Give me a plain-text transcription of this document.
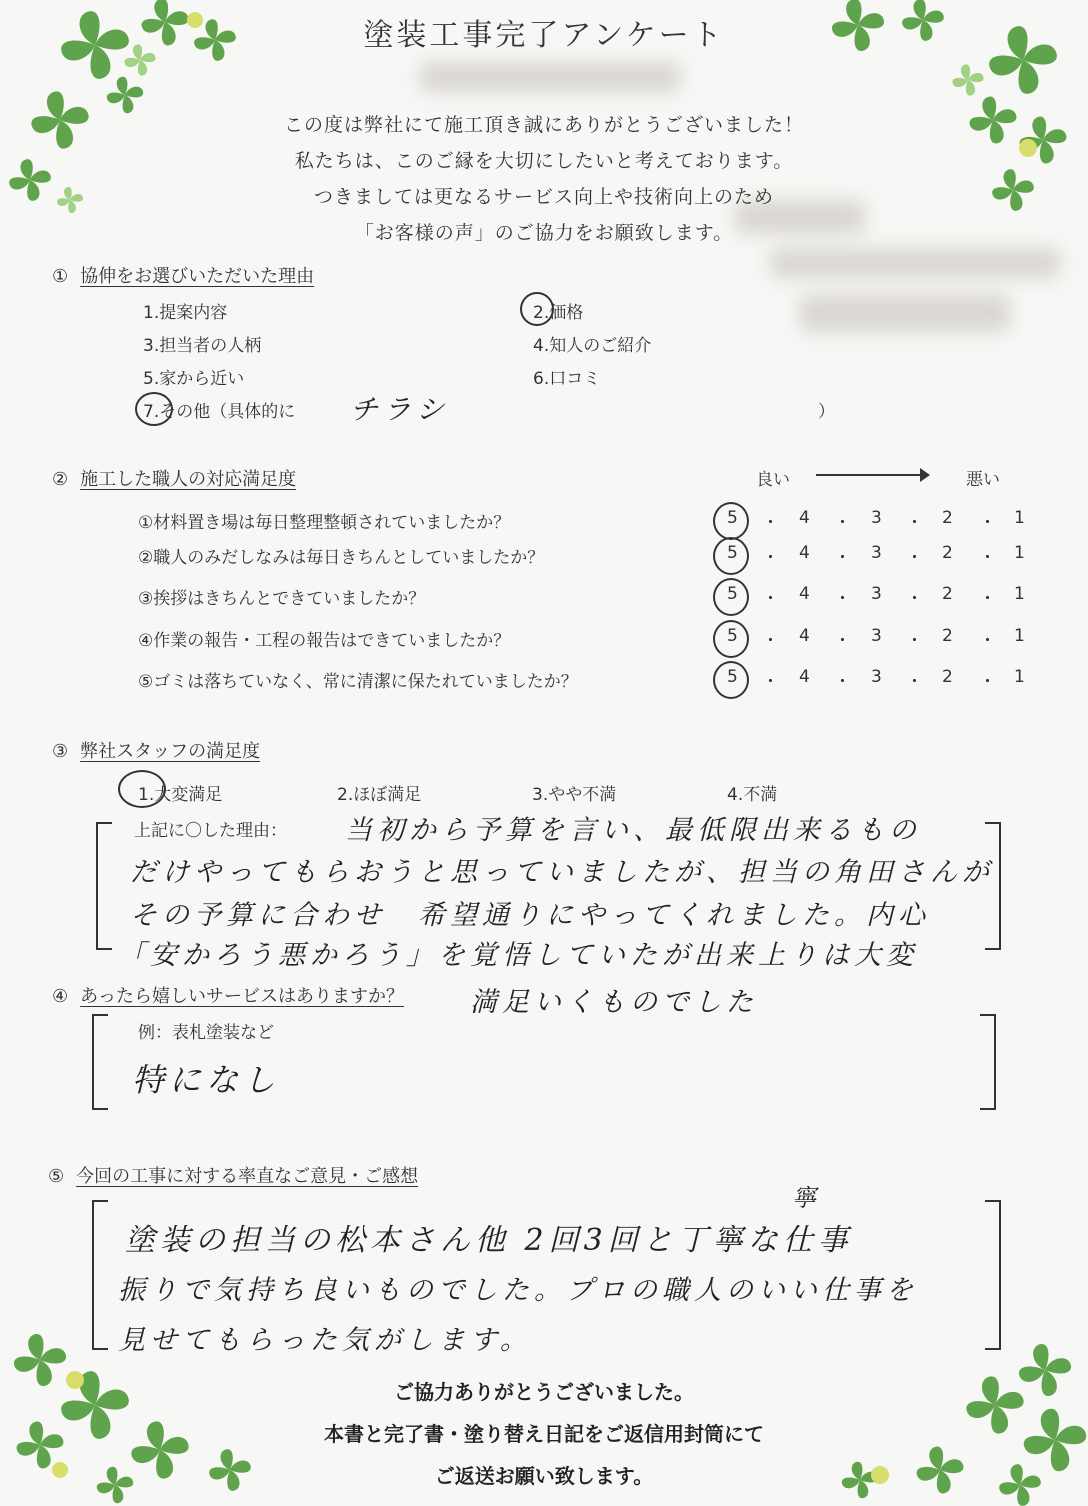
塗装工事完了アンケート
この度は弊社にて施工頂き誠にありがとうございました！
私たちは、このご縁を大切にしたいと考えております。
つきましては更なるサービス向上や技術向上のため
「お客様の声」のご協力をお願致します。
① 協伸をお選びいただいた理由
1.提案内容	2.価格
3.担当者の人柄	4.知人のご紹介
5.家から近い	6.口コミ
7.その他（具体的に チラシ	）
② 施工した職人の対応満足度	良い	悪い
①材料置き場は毎日整理整頓されていましたか？	5 ・ 4 ・ 3 ・ 2 ・ 1
②職人のみだしなみは毎日きちんとしていましたか？	5 ・ 4 ・ 3 ・ 2 ・ 1
③挨拶はきちんとできていましたか？	5 ・ 4 ・ 3 ・ 2 ・ 1
④作業の報告・工程の報告はできていましたか？	5 ・ 4 ・ 3 ・ 2 ・ 1
⑤ゴミは落ちていなく、常に清潔に保たれていましたか？	5 ・ 4 ・ 3 ・ 2 ・ 1
③ 弊社スタッフの満足度
1.大変満足	2.ほぼ満足	3.やや不満	4.不満
上記に〇した理由： 当初から予算を言い、最低限出来るもの
だけやってもらおうと思っていましたが、担当の角田さんが
その予算に合わせ　希望通りにやってくれました。内心
「安かろう悪かろう」を覚悟していたが出来上りは大変
満足いくものでした
④ あったら嬉しいサービスはありますか？
例：表札塗装など
特になし
⑤ 今回の工事に対する率直なご意見・ご感想
寧
塗装の担当の松本さん他 2回3回と丁寧な仕事
振りで気持ち良いものでした。プロの職人のいい仕事を
見せてもらった気がします。
ご協力ありがとうございました。
本書と完了書・塗り替え日記をご返信用封筒にて
ご返送お願い致します。
